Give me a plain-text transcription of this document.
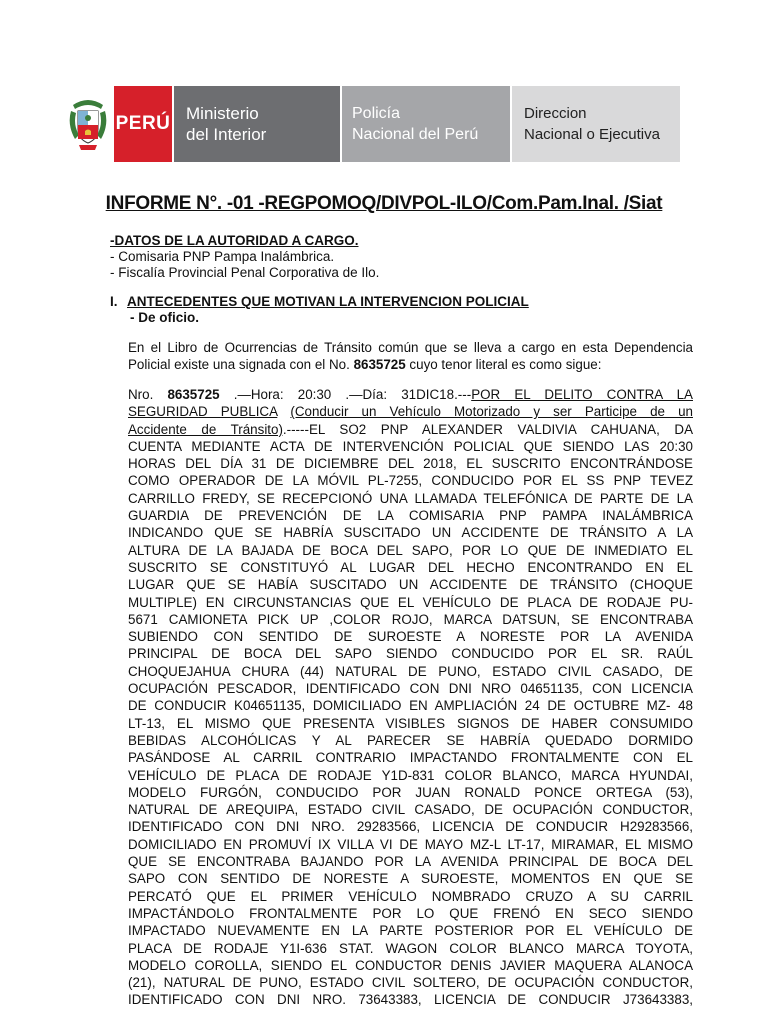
PERÚ Ministerio
del Interior
Policía
Nacional del Perú
Direccion
Nacional o Ejecutiva
INFORME N°. -01 -REGPOMOQ/DIVPOL-ILO/Com.Pam.Inal. /Siat
-DATOS DE LA AUTORIDAD A CARGO.
- Comisaria PNP Pampa Inalámbrica.
- Fiscalía Provincial Penal Corporativa de Ilo.
I. ANTECEDENTES QUE MOTIVAN LA INTERVENCION POLICIAL
- De oficio.
En el Libro de Ocurrencias de Tránsito común que se lleva a cargo en esta Dependencia
Policial existe una signada con el No. 8635725 cuyo tenor literal es como sigue:
Nro. 8635725 .—Hora: 20:30 .—Día: 31DIC18.---POR EL DELITO CONTRA LA
SEGURIDAD PUBLICA (Conducir un Vehículo Motorizado y ser Participe de un
Accidente de Tránsito).-----EL SO2 PNP ALEXANDER VALDIVIA CAHUANA, DA
CUENTA MEDIANTE ACTA DE INTERVENCIÓN POLICIAL QUE SIENDO LAS 20:30
HORAS DEL DÍA 31 DE DICIEMBRE DEL 2018, EL SUSCRITO ENCONTRÁNDOSE
COMO OPERADOR DE LA MÓVIL PL-7255, CONDUCIDO POR EL SS PNP TEVEZ
CARRILLO FREDY, SE RECEPCIONÓ UNA LLAMADA TELEFÓNICA DE PARTE DE LA
GUARDIA DE PREVENCIÓN DE LA COMISARIA PNP PAMPA INALÁMBRICA
INDICANDO QUE SE HABRÍA SUSCITADO UN ACCIDENTE DE TRÁNSITO A LA
ALTURA DE LA BAJADA DE BOCA DEL SAPO, POR LO QUE DE INMEDIATO EL
SUSCRITO SE CONSTITUYÓ AL LUGAR DEL HECHO ENCONTRANDO EN EL
LUGAR QUE SE HABÍA SUSCITADO UN ACCIDENTE DE TRÁNSITO (CHOQUE
MULTIPLE) EN CIRCUNSTANCIAS QUE EL VEHÍCULO DE PLACA DE RODAJE PU-
5671 CAMIONETA PICK UP ,COLOR ROJO, MARCA DATSUN, SE ENCONTRABA
SUBIENDO CON SENTIDO DE SUROESTE A NORESTE POR LA AVENIDA
PRINCIPAL DE BOCA DEL SAPO SIENDO CONDUCIDO POR EL SR. RAÚL
CHOQUEJAHUA CHURA (44) NATURAL DE PUNO, ESTADO CIVIL CASADO, DE
OCUPACIÓN PESCADOR, IDENTIFICADO CON DNI NRO 04651135, CON LICENCIA
DE CONDUCIR K04651135, DOMICILIADO EN AMPLIACIÓN 24 DE OCTUBRE MZ- 48
LT-13, EL MISMO QUE PRESENTA VISIBLES SIGNOS DE HABER CONSUMIDO
BEBIDAS ALCOHÓLICAS Y AL PARECER SE HABRÍA QUEDADO DORMIDO
PASÁNDOSE AL CARRIL CONTRARIO IMPACTANDO FRONTALMENTE CON EL
VEHÍCULO DE PLACA DE RODAJE Y1D-831 COLOR BLANCO, MARCA HYUNDAI,
MODELO FURGÓN, CONDUCIDO POR JUAN RONALD PONCE ORTEGA (53),
NATURAL DE AREQUIPA, ESTADO CIVIL CASADO, DE OCUPACIÓN CONDUCTOR,
IDENTIFICADO CON DNI NRO. 29283566, LICENCIA DE CONDUCIR H29283566,
DOMICILIADO EN PROMUVÍ IX VILLA VI DE MAYO MZ-L LT-17, MIRAMAR, EL MISMO
QUE SE ENCONTRABA BAJANDO POR LA AVENIDA PRINCIPAL DE BOCA DEL
SAPO CON SENTIDO DE NORESTE A SUROESTE, MOMENTOS EN QUE SE
PERCATÓ QUE EL PRIMER VEHÍCULO NOMBRADO CRUZO A SU CARRIL
IMPACTÁNDOLO FRONTALMENTE POR LO QUE FRENÓ EN SECO SIENDO
IMPACTADO NUEVAMENTE EN LA PARTE POSTERIOR POR EL VEHÍCULO DE
PLACA DE RODAJE Y1I-636 STAT. WAGON COLOR BLANCO MARCA TOYOTA,
MODELO COROLLA, SIENDO EL CONDUCTOR DENIS JAVIER MAQUERA ALANOCA
(21), NATURAL DE PUNO, ESTADO CIVIL SOLTERO, DE OCUPACIÓN CONDUCTOR,
IDENTIFICADO CON DNI NRO. 73643383, LICENCIA DE CONDUCIR J73643383,
